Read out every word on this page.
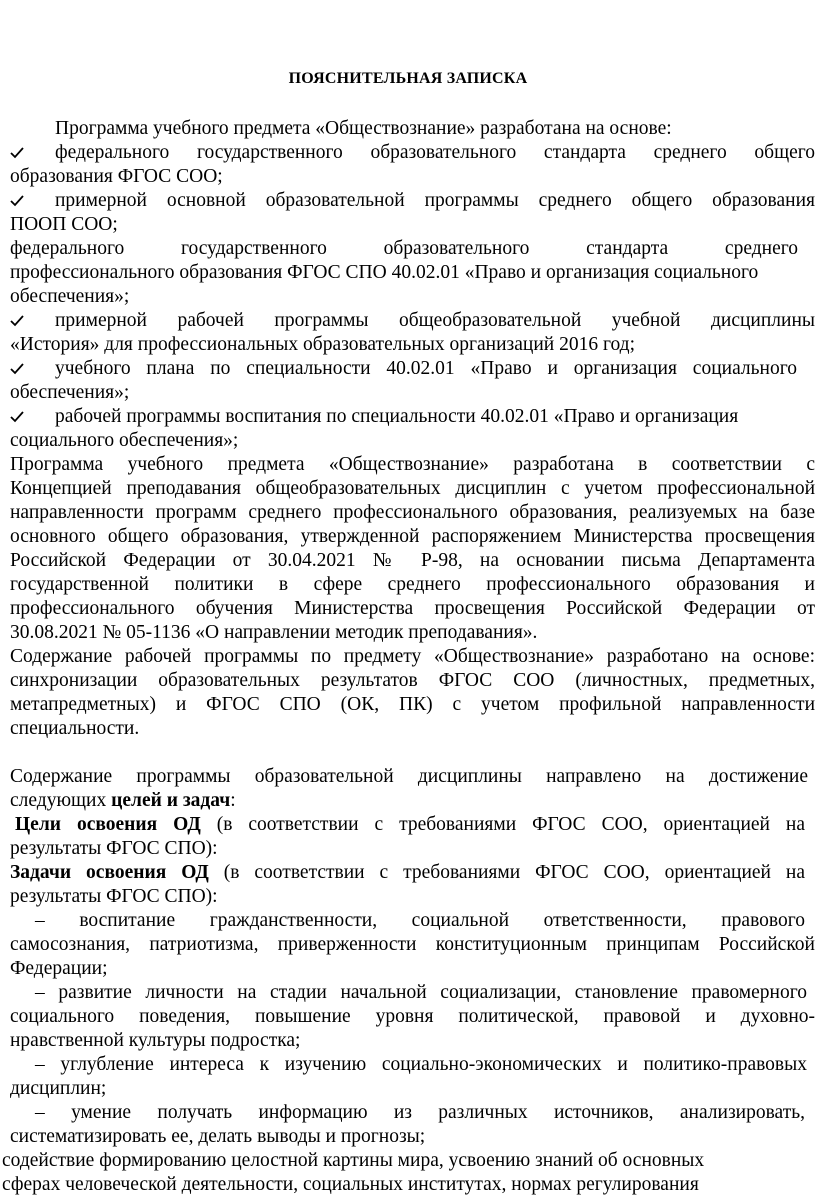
ПОЯСНИТЕЛЬНАЯ ЗАПИСКА
Программа учебного предмета «Обществознание» разработана на основе:
федерального государственного образовательного стандарта среднего общего
образования ФГОС СОО;
примерной основной образовательной программы среднего общего образования
ПООП СОО;
федерального государственного образовательного стандарта среднего
профессионального образования ФГОС СПО 40.02.01 «Право и организация социального
обеспечения»;
примерной рабочей программы общеобразовательной учебной дисциплины
«История» для профессиональных образовательных организаций 2016 год;
учебного плана по специальности 40.02.01 «Право и организация социального
обеспечения»;
рабочей программы воспитания по специальности 40.02.01 «Право и организация
социального обеспечения»;
Программа учебного предмета «Обществознание» разработана в соответствии с
Концепцией преподавания общеобразовательных дисциплин с учетом профессиональной
направленности программ среднего профессионального образования, реализуемых на базе
основного общего образования, утвержденной распоряжением Министерства просвещения
Российской Федерации от 30.04.2021 № Р-98, на основании письма Департамента
государственной политики в сфере среднего профессионального образования и
профессионального обучения Министерства просвещения Российской Федерации от
30.08.2021 № 05-1136 «О направлении методик преподавания».
Содержание рабочей программы по предмету «Обществознание» разработано на основе:
синхронизации образовательных результатов ФГОС СОО (личностных, предметных,
метапредметных) и ФГОС СПО (ОК, ПК) с учетом профильной направленности
специальности.
Содержание программы образовательной дисциплины направлено на достижение
следующих целей и задач:
Цели освоения ОД (в соответствии с требованиями ФГОС СОО, ориентацией на
результаты ФГОС СПО):
Задачи освоения ОД (в соответствии с требованиями ФГОС СОО, ориентацией на
результаты ФГОС СПО):
– воспитание гражданственности, социальной ответственности, правового
самосознания, патриотизма, приверженности конституционным принципам Российской
Федерации;
– развитие личности на стадии начальной социализации, становление правомерного
социального поведения, повышение уровня политической, правовой и духовно-
нравственной культуры подростка;
– углубление интереса к изучению социально-экономических и политико-правовых
дисциплин;
– умение получать информацию из различных источников, анализировать,
систематизировать ее, делать выводы и прогнозы;
содействие формированию целостной картины мира, усвоению знаний об основных
сферах человеческой деятельности, социальных институтах, нормах регулирования
